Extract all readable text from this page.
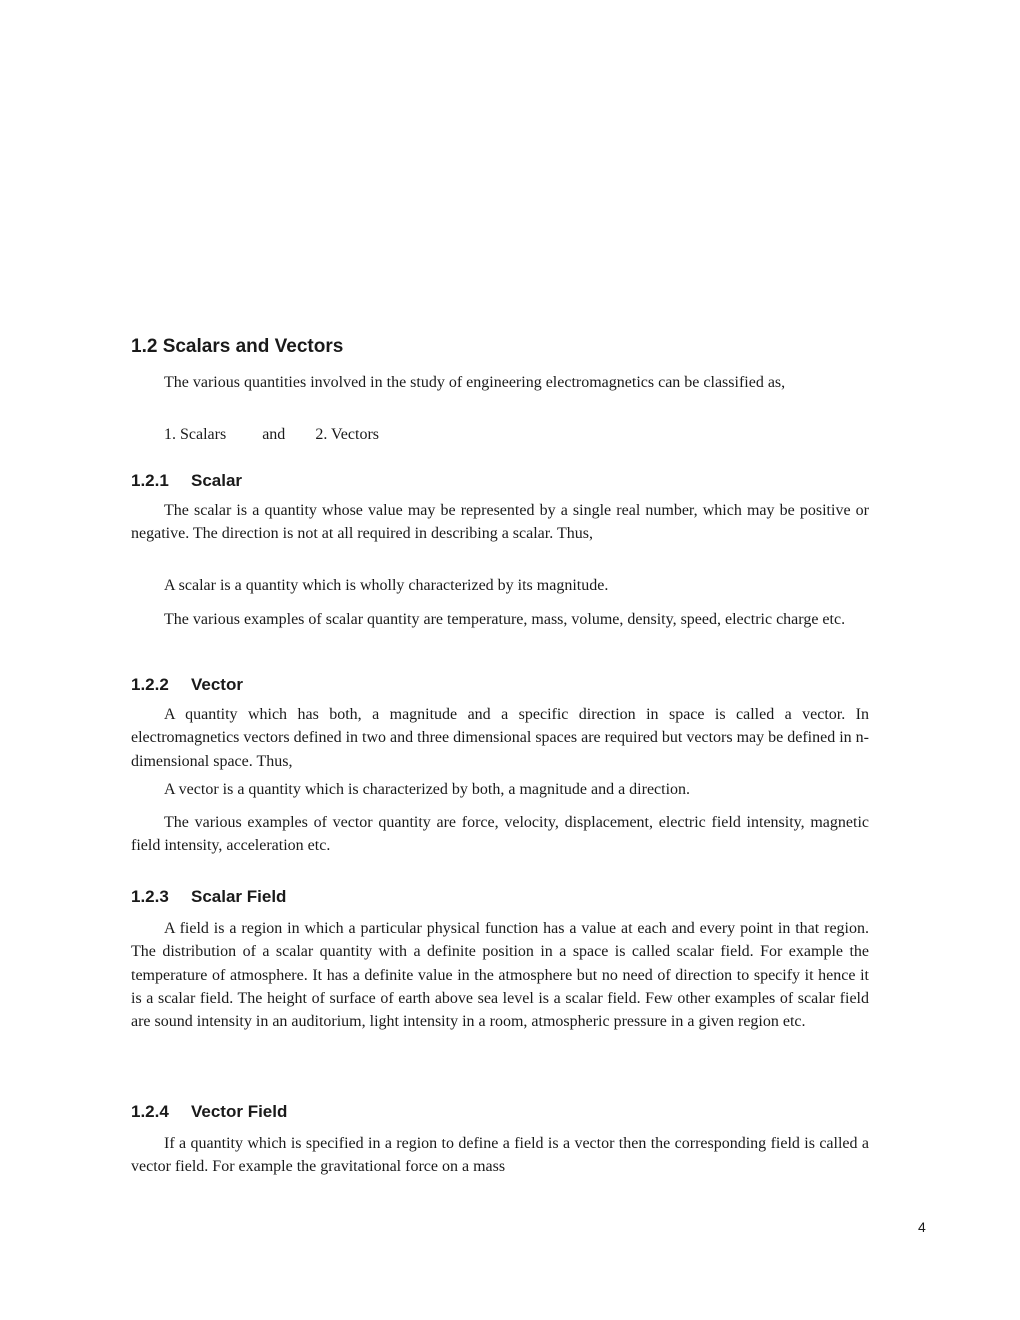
1.2 Scalars and Vectors

The various quantities involved in the study of engineering electromagnetics can be classified as,

1. Scalars and 2. Vectors

1.2.1 Scalar

The scalar is a quantity whose value may be represented by a single real number, which may be positive or negative. The direction is not at all required in describing a scalar. Thus,

A scalar is a quantity which is wholly characterized by its magnitude.

The various examples of scalar quantity are temperature, mass, volume, density, speed, electric charge etc.

1.2.2 Vector

A quantity which has both, a magnitude and a specific direction in space is called a vector. In electromagnetics vectors defined in two and three dimensional spaces are required but vectors may be defined in n-dimensional space. Thus,

A vector is a quantity which is characterized by both, a magnitude and a direction.

The various examples of vector quantity are force, velocity, displacement, electric field intensity, magnetic field intensity, acceleration etc.

1.2.3 Scalar Field

A field is a region in which a particular physical function has a value at each and every point in that region. The distribution of a scalar quantity with a definite position in a space is called scalar field. For example the temperature of atmosphere. It has a definite value in the atmosphere but no need of direction to specify it hence it is a scalar field. The height of surface of earth above sea level is a scalar field. Few other examples of scalar field are sound intensity in an auditorium, light intensity in a room, atmospheric pressure in a given region etc.

1.2.4 Vector Field

If a quantity which is specified in a region to define a field is a vector then the corresponding field is called a vector field. For example the gravitational force on a mass

4
